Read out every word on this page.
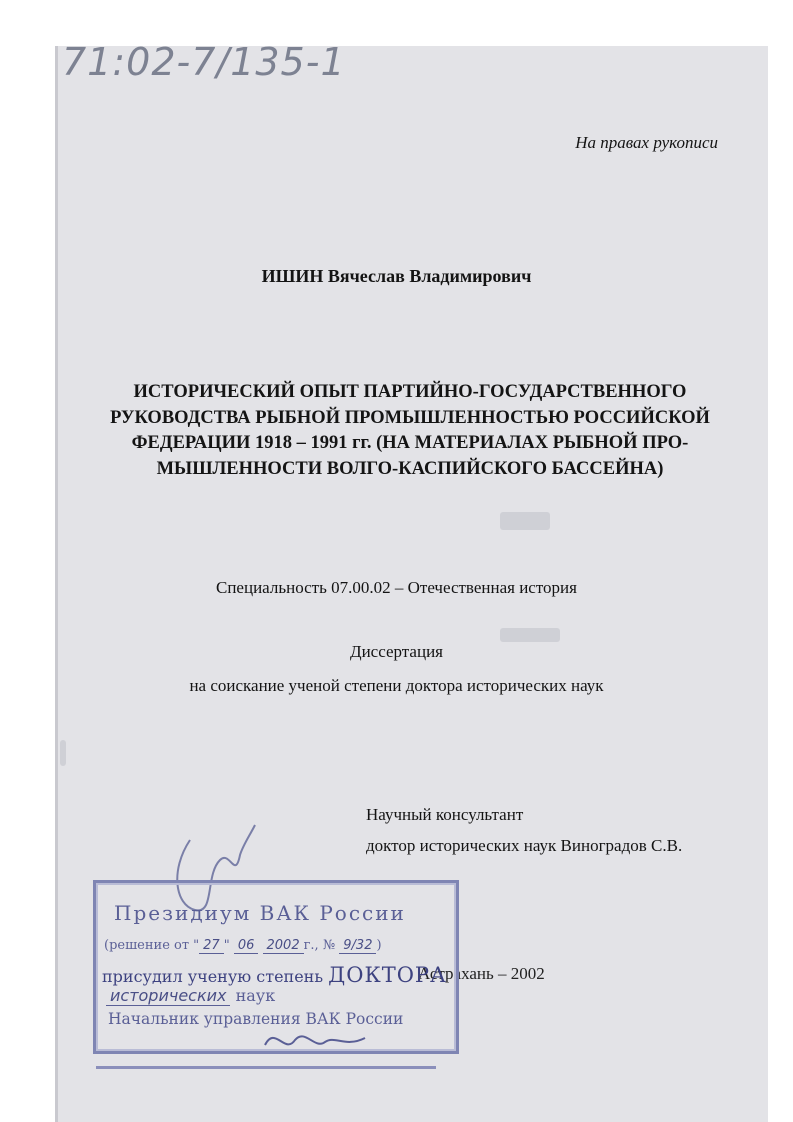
71:02-7/135-1
На правах рукописи
ИШИН Вячеслав Владимирович
ИСТОРИЧЕСКИЙ ОПЫТ ПАРТИЙНО-ГОСУДАРСТВЕННОГО
РУКОВОДСТВА РЫБНОЙ ПРОМЫШЛЕННОСТЬЮ РОССИЙСКОЙ
ФЕДЕРАЦИИ 1918 – 1991 гг. (НА МАТЕРИАЛАХ РЫБНОЙ ПРО-
МЫШЛЕННОСТИ ВОЛГО-КАСПИЙСКОГО БАССЕЙНА)
Специальность 07.00.02 – Отечественная история
Диссертация
на соискание ученой степени доктора исторических наук
Научный консультант
доктор исторических наук Виноградов С.В.
Астрахань – 2002
Президиум ВАК России
(решение от " 27 " 06 2002 г., № 9/32 )
присудил ученую степень ДОКТОРА
исторических наук
Начальник управления ВАК России
